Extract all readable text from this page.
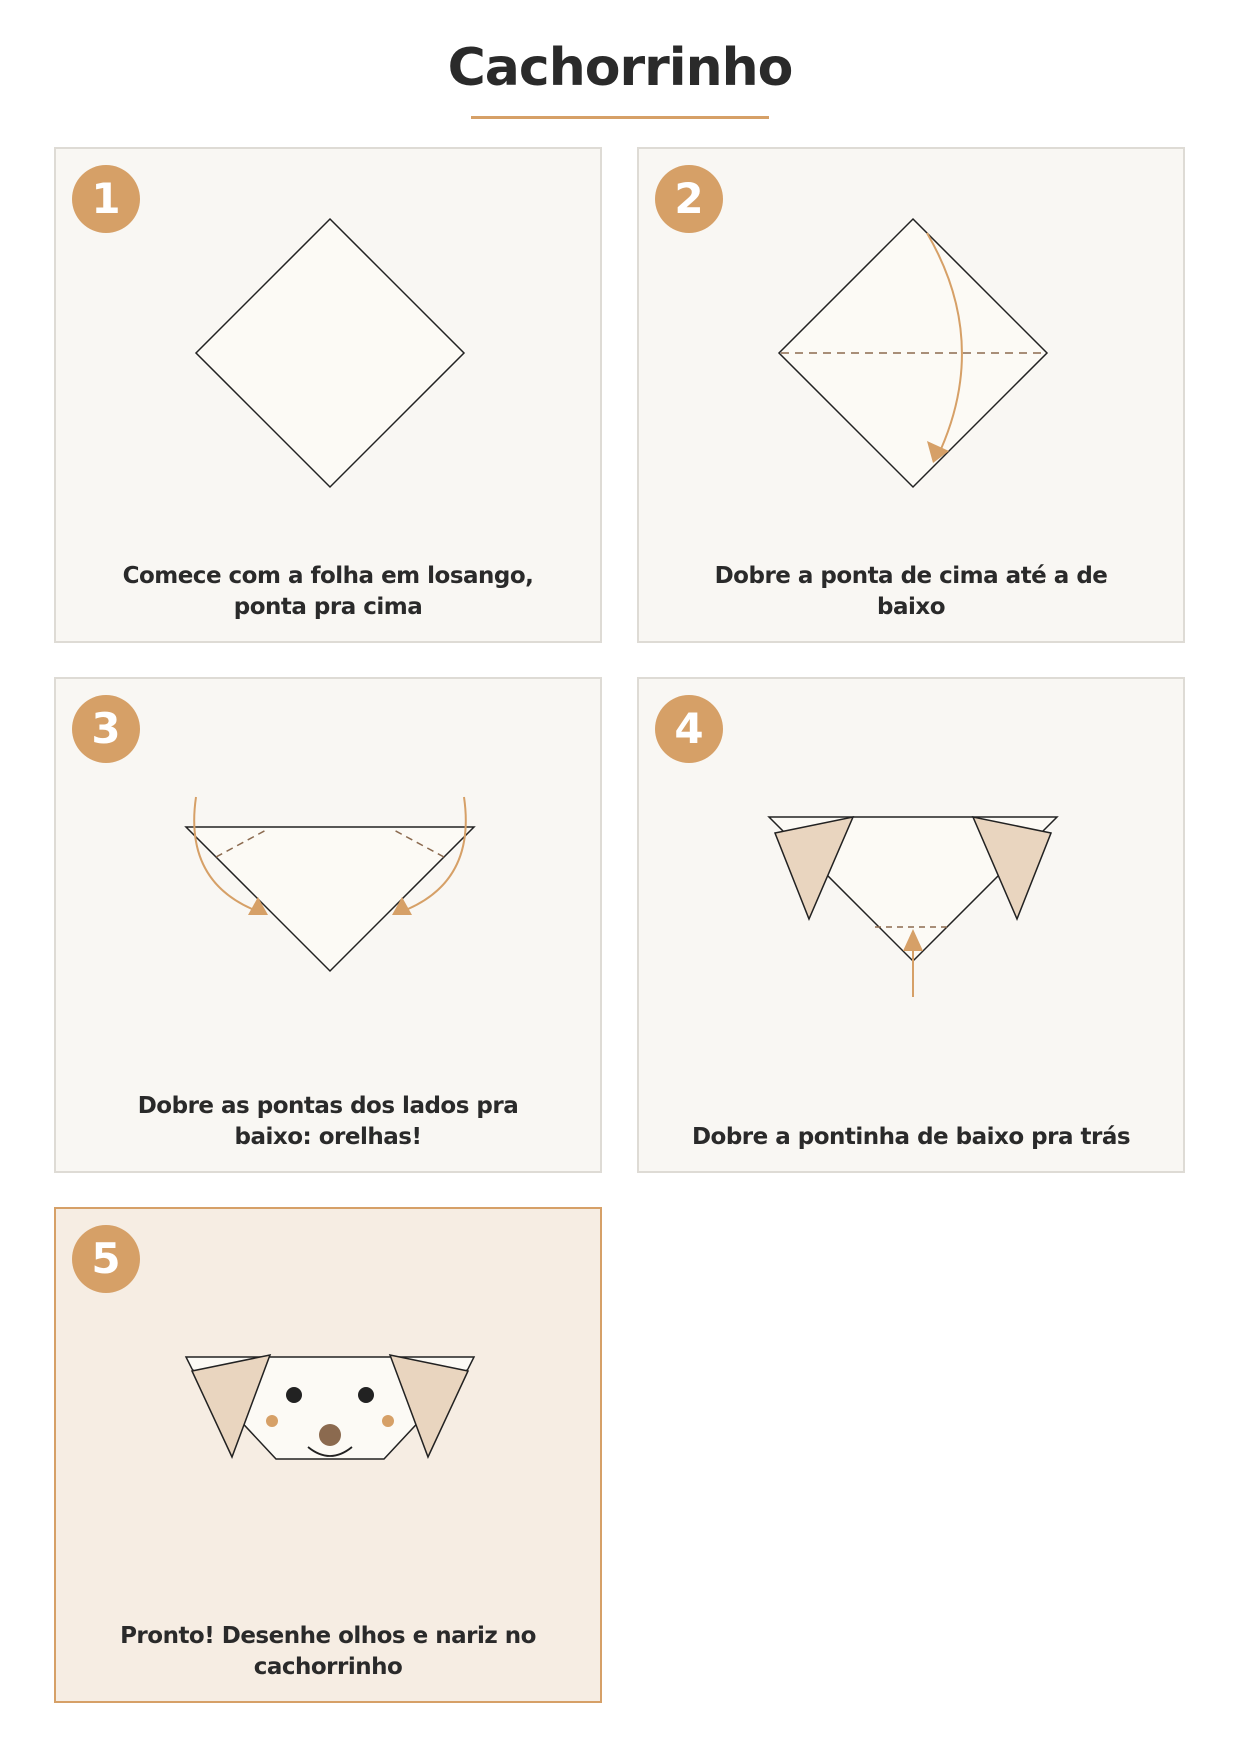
Cachorrinho
1
Comece com a folha em losango, ponta pra cima
2
Dobre a ponta de cima até a de baixo
3
Dobre as pontas dos lados pra baixo: orelhas!
4
Dobre a pontinha de baixo pra trás
5
Pronto! Desenhe olhos e nariz no cachorrinho
